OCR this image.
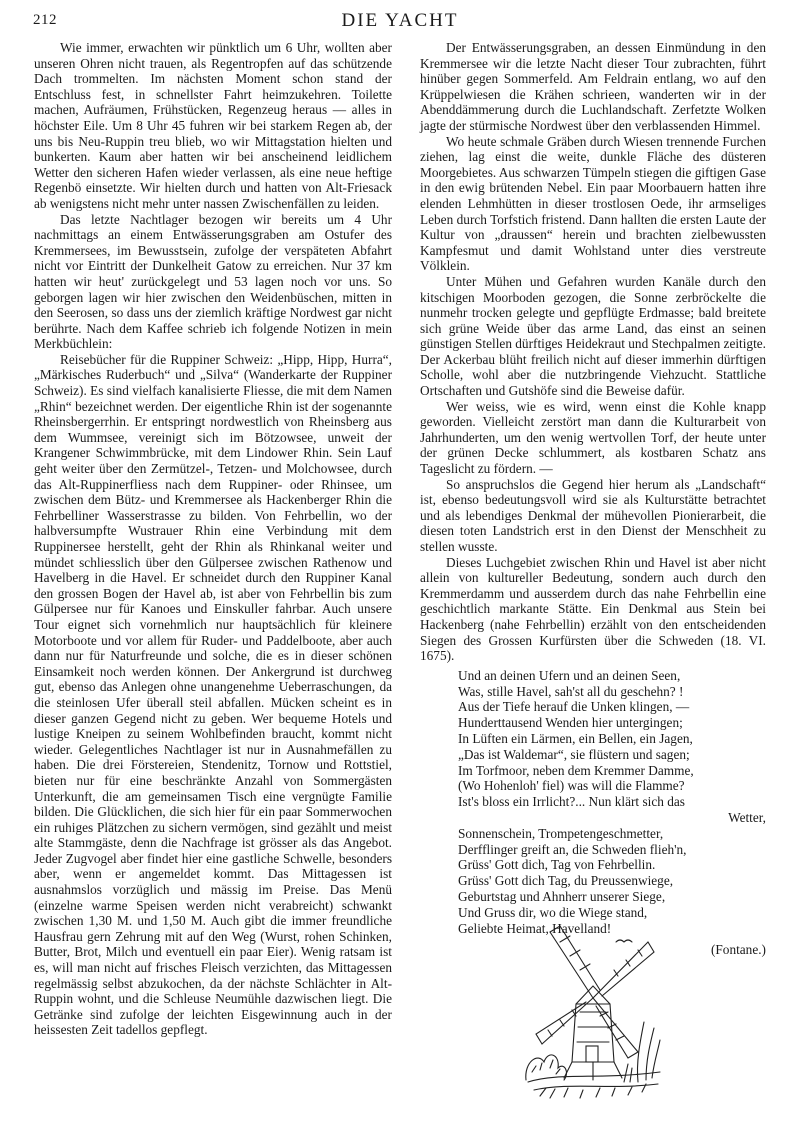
212	DIE YACHT

Wie immer, erwachten wir pünktlich um 6 Uhr, wollten aber unseren Ohren nicht trauen, als Regentropfen auf das schützende Dach trommelten. Im nächsten Moment schon stand der Entschluss fest, in schnellster Fahrt heimzukehren. Toilette machen, Aufräumen, Frühstücken, Regenzeug heraus — alles in höchster Eile. Um 8 Uhr 45 fuhren wir bei starkem Regen ab, der uns bis Neu-Ruppin treu blieb, wo wir Mittagstation hielten und bunkerten. Kaum aber hatten wir bei anscheinend leidlichem Wetter den sicheren Hafen wieder verlassen, als eine neue heftige Regenbö einsetzte. Wir hielten durch und hatten von Alt-Friesack ab wenigstens nicht mehr unter nassen Zwischenfällen zu leiden.

Das letzte Nachtlager bezogen wir bereits um 4 Uhr nachmittags an einem Entwässerungsgraben am Ostufer des Kremmersees, im Bewusstsein, zufolge der verspäteten Abfahrt nicht vor Eintritt der Dunkelheit Gatow zu erreichen. Nur 37 km hatten wir heut' zurückgelegt und 53 lagen noch vor uns. So geborgen lagen wir hier zwischen den Weidenbüschen, mitten in den Seerosen, so dass uns der ziemlich kräftige Nordwest gar nicht berührte. Nach dem Kaffee schrieb ich folgende Notizen in mein Merkbüchlein:

Reisebücher für die Ruppiner Schweiz: „Hipp, Hipp, Hurra“, „Märkisches Ruderbuch“ und „Silva“ (Wanderkarte der Ruppiner Schweiz). Es sind vielfach kanalisierte Fliesse, die mit dem Namen „Rhin“ bezeichnet werden. Der eigentliche Rhin ist der sogenannte Rheinsbergerrhin. Er entspringt nordwestlich von Rheinsberg aus dem Wummsee, vereinigt sich im Bötzowsee, unweit der Krangener Schwimmbrücke, mit dem Lindower Rhin. Sein Lauf geht weiter über den Zermützel-, Tetzen- und Molchowsee, durch das Alt-Ruppinerfliess nach dem Ruppiner- oder Rhinsee, um zwischen dem Bütz- und Kremmersee als Hackenberger Rhin die Fehrbelliner Wasserstrasse zu bilden. Von Fehrbellin, wo der halbversumpfte Wustrauer Rhin eine Verbindung mit dem Ruppinersee herstellt, geht der Rhin als Rhinkanal weiter und mündet schliesslich über den Gülpersee zwischen Rathenow und Havelberg in die Havel. Er schneidet durch den Ruppiner Kanal den grossen Bogen der Havel ab, ist aber von Fehrbellin bis zum Gülpersee nur für Kanoes und Einskuller fahrbar. Auch unsere Tour eignet sich vornehmlich nur hauptsächlich für kleinere Motorboote und vor allem für Ruder- und Paddelboote, aber auch dann nur für Naturfreunde und solche, die es in dieser schönen Einsamkeit noch werden können. Der Ankergrund ist durchweg gut, ebenso das Anlegen ohne unangenehme Ueberraschungen, da die steinlosen Ufer überall steil abfallen. Mücken scheint es in dieser ganzen Gegend nicht zu geben. Wer bequeme Hotels und lustige Kneipen zu seinem Wohlbefinden braucht, kommt nicht wieder. Gelegentliches Nachtlager ist nur in Ausnahmefällen zu haben. Die drei Förstereien, Stendenitz, Tornow und Rottstiel, bieten nur für eine beschränkte Anzahl von Sommergästen Unterkunft, die am gemeinsamen Tisch eine vergnügte Familie bilden. Die Glücklichen, die sich hier für ein paar Sommerwochen ein ruhiges Plätzchen zu sichern vermögen, sind gezählt und meist alte Stammgäste, denn die Nachfrage ist grösser als das Angebot. Jeder Zugvogel aber findet hier eine gastliche Schwelle, besonders aber, wenn er angemeldet kommt. Das Mittagessen ist ausnahmslos vorzüglich und mässig im Preise. Das Menü (einzelne warme Speisen werden nicht verabreicht) schwankt zwischen 1,30 M. und 1,50 M. Auch gibt die immer freundliche Hausfrau gern Zehrung mit auf den Weg (Wurst, rohen Schinken, Butter, Brot, Milch und eventuell ein paar Eier). Wenig ratsam ist es, will man nicht auf frisches Fleisch verzichten, das Mittagessen regelmässig selbst abzukochen, da der nächste Schlächter in Alt-Ruppin wohnt, und die Schleuse Neumühle dazwischen liegt. Die Getränke sind zufolge der leichten Eisgewinnung auch in der heissesten Zeit tadellos gepflegt.

Der Entwässerungsgraben, an dessen Einmündung in den Kremmersee wir die letzte Nacht dieser Tour zubrachten, führt hinüber gegen Sommerfeld. Am Feldrain entlang, wo auf den Krüppelwiesen die Krähen schrieen, wanderten wir in der Abenddämmerung durch die Luchlandschaft. Zerfetzte Wolken jagte der stürmische Nordwest über den verblassenden Himmel.

Wo heute schmale Gräben durch Wiesen trennende Furchen ziehen, lag einst die weite, dunkle Fläche des düsteren Moorgebietes. Aus schwarzen Tümpeln stiegen die giftigen Gase in den ewig brütenden Nebel. Ein paar Moorbauern hatten ihre elenden Lehmhütten in dieser trostlosen Oede, ihr armseliges Leben durch Torfstich fristend. Dann hallten die ersten Laute der Kultur von „draussen“ herein und brachten zielbewussten Kampfesmut und damit Wohlstand unter dies verstreute Völklein.

Unter Mühen und Gefahren wurden Kanäle durch den kitschigen Moorboden gezogen, die Sonne zerbröckelte die nunmehr trocken gelegte und gepflügte Erdmasse; bald breitete sich grüne Weide über das arme Land, das einst an seinen günstigen Stellen dürftiges Heidekraut und Stechpalmen zeitigte. Der Ackerbau blüht freilich nicht auf dieser immerhin dürftigen Scholle, wohl aber die nutzbringende Viehzucht. Stattliche Ortschaften und Gutshöfe sind die Beweise dafür.

Wer weiss, wie es wird, wenn einst die Kohle knapp geworden. Vielleicht zerstört man dann die Kulturarbeit von Jahrhunderten, um den wenig wertvollen Torf, der heute unter der grünen Decke schlummert, als kostbaren Schatz ans Tageslicht zu fördern. —

So anspruchslos die Gegend hier herum als „Landschaft“ ist, ebenso bedeutungsvoll wird sie als Kulturstätte betrachtet und als lebendiges Denkmal der mühevollen Pionierarbeit, die diesen toten Landstrich erst in den Dienst der Menschheit zu stellen wusste.

Dieses Luchgebiet zwischen Rhin und Havel ist aber nicht allein von kultureller Bedeutung, sondern auch durch den Kremmerdamm und ausserdem durch das nahe Fehrbellin eine geschichtlich markante Stätte. Ein Denkmal aus Stein bei Hackenberg (nahe Fehrbellin) erzählt von den entscheidenden Siegen des Grossen Kurfürsten über die Schweden (18. VI. 1675).

Und an deinen Ufern und an deinen Seen,
Was, stille Havel, sah'st all du geschehn? !
Aus der Tiefe herauf die Unken klingen, —
Hunderttausend Wenden hier untergingen;
In Lüften ein Lärmen, ein Bellen, ein Jagen,
„Das ist Waldemar“, sie flüstern und sagen;
Im Torfmoor, neben dem Kremmer Damme,
(Wo Hohenloh' fiel) was will die Flamme?
Ist's bloss ein Irrlicht?... Nun klärt sich das
Wetter,
Sonnenschein, Trompetengeschmetter,
Derfflinger greift an, die Schweden flieh'n,
Grüss' Gott dich, Tag von Fehrbellin.
Grüss' Gott dich Tag, du Preussenwiege,
Geburtstag und Ahnherr unserer Siege,
Und Gruss dir, wo die Wiege stand,
Geliebte Heimat, Havelland!
(Fontane.)
